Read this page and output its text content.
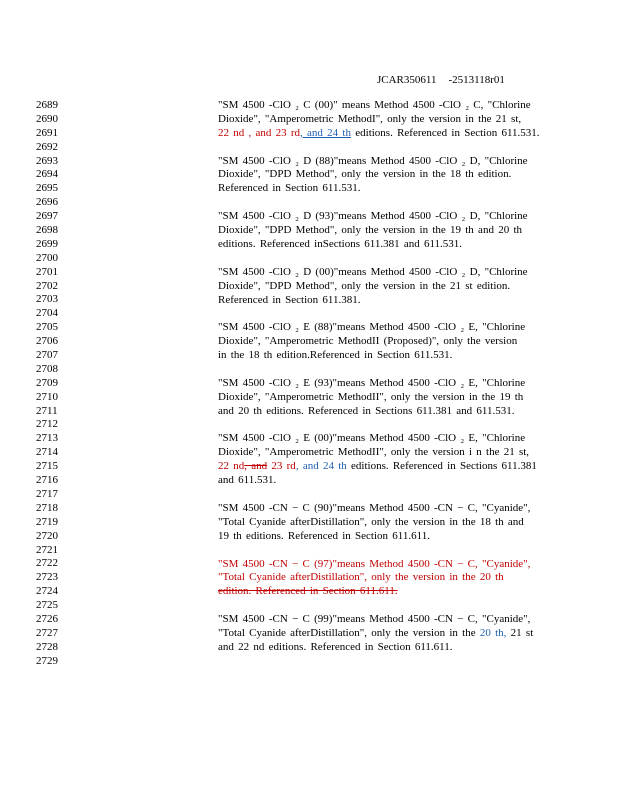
JCAR350611 -2513118r01
2689
2690
2691
2692
2693
2694
2695
2696
2697
2698
2699
2700
2701
2702
2703
2704
2705
2706
2707
2708
2709
2710
2711
2712
2713
2714
2715
2716
2717
2718
2719
2720
2721
2722
2723
2724
2725
2726
2727
2728
2729
"SM 4500 -ClO ₂ C (00)" means Method 4500 -ClO ₂ C, "Chlorine
Dioxide", "Amperometric MethodI", only the version in the 21 st,
22 nd , and 23 rd, and 24 th editions. Referenced in Section 611.531.
"SM 4500 -ClO ₂ D (88)"means Method 4500 -ClO ₂ D, "Chlorine
Dioxide", "DPD Method", only the version in the 18 th edition.
Referenced in Section 611.531.
"SM 4500 -ClO ₂ D (93)"means Method 4500 -ClO ₂ D, "Chlorine
Dioxide", "DPD Method", only the version in the 19 th and 20 th
editions. Referenced inSections 611.381 and 611.531.
"SM 4500 -ClO ₂ D (00)"means Method 4500 -ClO ₂ D, "Chlorine
Dioxide", "DPD Method", only the version in the 21 st edition.
Referenced in Section 611.381.
"SM 4500 -ClO ₂ E (88)"means Method 4500 -ClO ₂ E, "Chlorine
Dioxide", "Amperometric MethodII (Proposed)", only the version
in the 18 th edition.Referenced in Section 611.531.
"SM 4500 -ClO ₂ E (93)"means Method 4500 -ClO ₂ E, "Chlorine
Dioxide", "Amperometric MethodII", only the version in the 19 th
and 20 th editions. Referenced in Sections 611.381 and 611.531.
"SM 4500 -ClO ₂ E (00)"means Method 4500 -ClO ₂ E, "Chlorine
Dioxide", "Amperometric MethodII", only the version i n the 21 st,
22 nd, and 23 rd, and 24 th editions. Referenced in Sections 611.381
and 611.531.
"SM 4500 -CN − C (90)"means Method 4500 -CN − C, "Cyanide",
"Total Cyanide afterDistillation", only the version in the 18 th and
19 th editions. Referenced in Section 611.611.
"SM 4500 -CN − C (97)"means Method 4500 -CN − C, "Cyanide",
"Total Cyanide afterDistillation", only the version in the 20 th
edition. Referenced in Section 611.611.
"SM 4500 -CN − C (99)"means Method 4500 -CN − C, "Cyanide",
"Total Cyanide afterDistillation", only the version in the 20 th, 21 st
and 22 nd editions. Referenced in Section 611.611.
